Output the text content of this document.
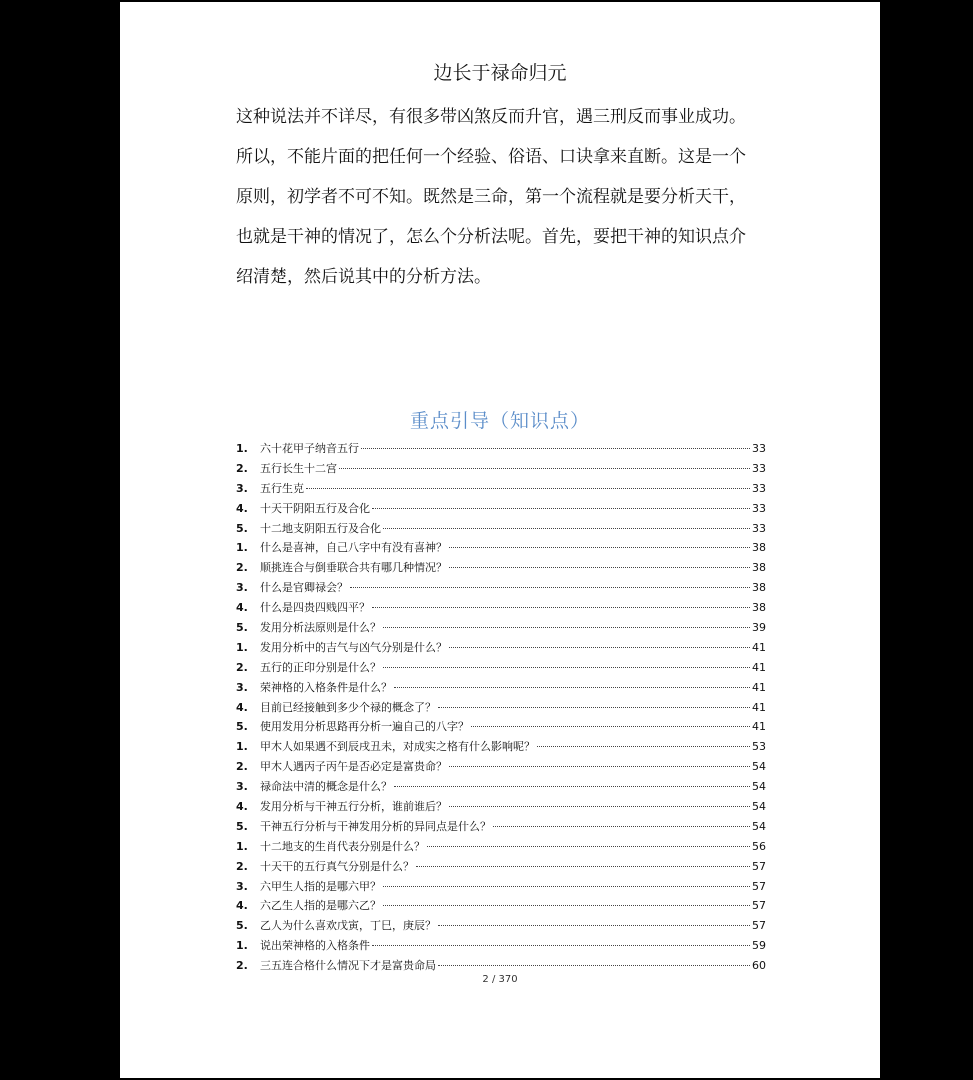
边长于禄命归元
这种说法并不详尽，有很多带凶煞反而升官，遇三刑反而事业成功。
所以，不能片面的把任何一个经验、俗语、口诀拿来直断。这是一个
原则，初学者不可不知。既然是三命，第一个流程就是要分析天干，
也就是干神的情况了，怎么个分析法呢。首先，要把干神的知识点介
绍清楚，然后说其中的分析方法。
重点引导（知识点）
1.	六十花甲子纳音五行	33
2.	五行长生十二宫	33
3.	五行生克	33
4.	十天干阴阳五行及合化	33
5.	十二地支阴阳五行及合化	33
1.	什么是喜神，自己八字中有没有喜神？	38
2.	顺挑连合与倒垂联合共有哪几种情况？	38
3.	什么是官卿禄会？	38
4.	什么是四贵四贱四平？	38
5.	发用分析法原则是什么？	39
1.	发用分析中的吉气与凶气分别是什么？	41
2.	五行的正印分别是什么？	41
3.	荣神格的入格条件是什么？	41
4.	目前已经接触到多少个禄的概念了？	41
5.	使用发用分析思路再分析一遍自己的八字？	41
1.	甲木人如果遇不到辰戌丑未，对成实之格有什么影响呢？	53
2.	甲木人遇丙子丙午是否必定是富贵命？	54
3.	禄命法中清的概念是什么？	54
4.	发用分析与干神五行分析，谁前谁后？	54
5.	干神五行分析与干神发用分析的异同点是什么？	54
1.	十二地支的生肖代表分别是什么？	56
2.	十天干的五行真气分别是什么？	57
3.	六甲生人指的是哪六甲？	57
4.	六乙生人指的是哪六乙？	57
5.	乙人为什么喜欢戊寅，丁巳，庚辰？	57
1.	说出荣神格的入格条件	59
2.	三五连合格什么情况下才是富贵命局	60
2 / 370
